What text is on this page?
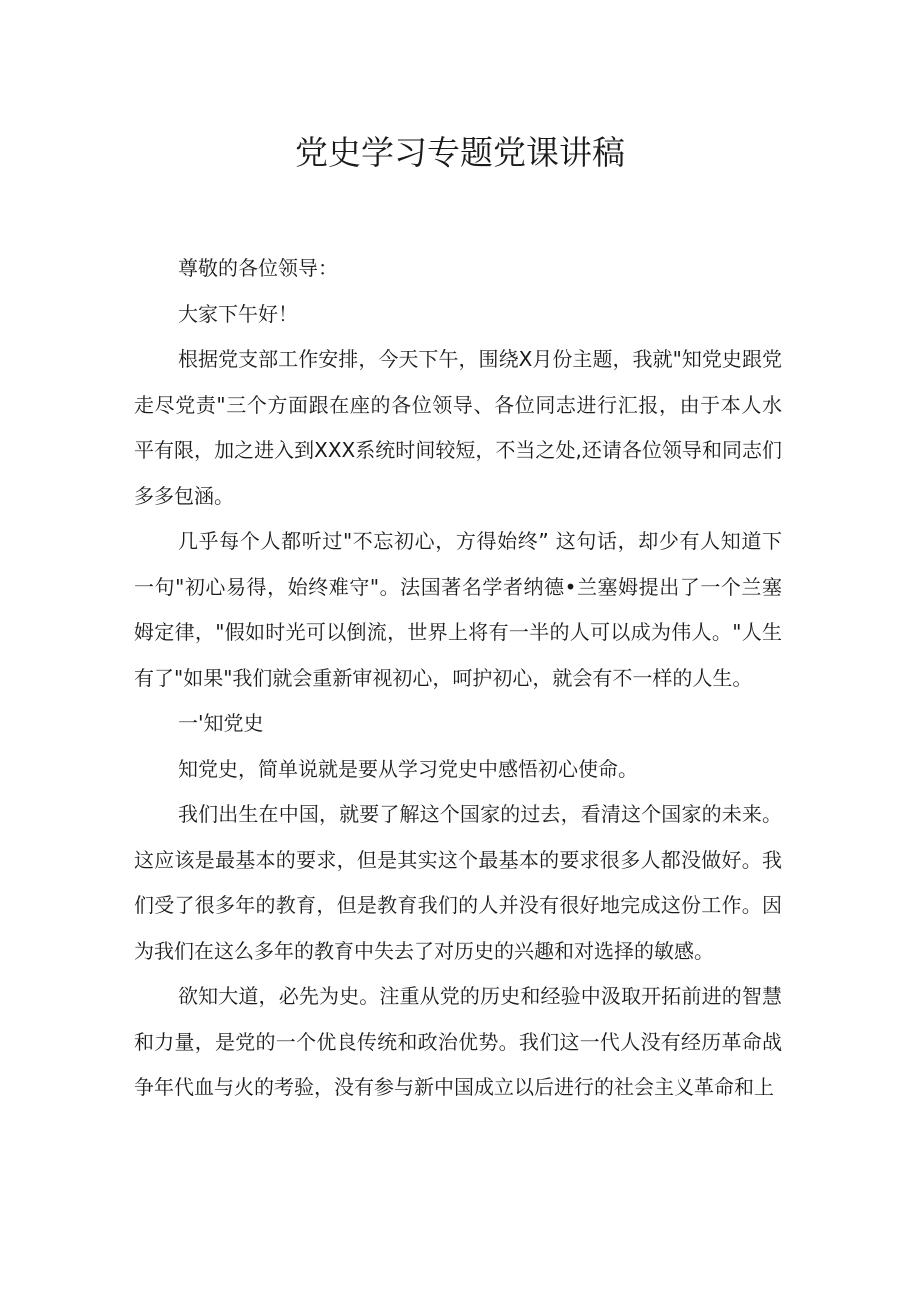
党史学习专题党课讲稿

尊敬的各位领导：

大家下午好！

根据党支部工作安排，今天下午，围绕X月份主题，我就"知党史跟党走尽党责"三个方面跟在座的各位领导、各位同志进行汇报，由于本人水平有限，加之进入到XXX系统时间较短，不当之处,还请各位领导和同志们多多包涵。

几乎每个人都听过"不忘初心，方得始终” 这句话，却少有人知道下一句"初心易得，始终难守"。法国著名学者纳德•兰塞姆提出了一个兰塞姆定律，"假如时光可以倒流，世界上将有一半的人可以成为伟人。"人生有了"如果"我们就会重新审视初心，呵护初心，就会有不一样的人生。

一'知党史

知党史，简单说就是要从学习党史中感悟初心使命。

我们出生在中国，就要了解这个国家的过去，看清这个国家的未来。这应该是最基本的要求，但是其实这个最基本的要求很多人都没做好。我们受了很多年的教育，但是教育我们的人并没有很好地完成这份工作。因为我们在这么多年的教育中失去了对历史的兴趣和对选择的敏感。

欲知大道，必先为史。注重从党的历史和经验中汲取开拓前进的智慧和力量，是党的一个优良传统和政治优势。我们这一代人没有经历革命战争年代血与火的考验，没有参与新中国成立以后进行的社会主义革命和上
